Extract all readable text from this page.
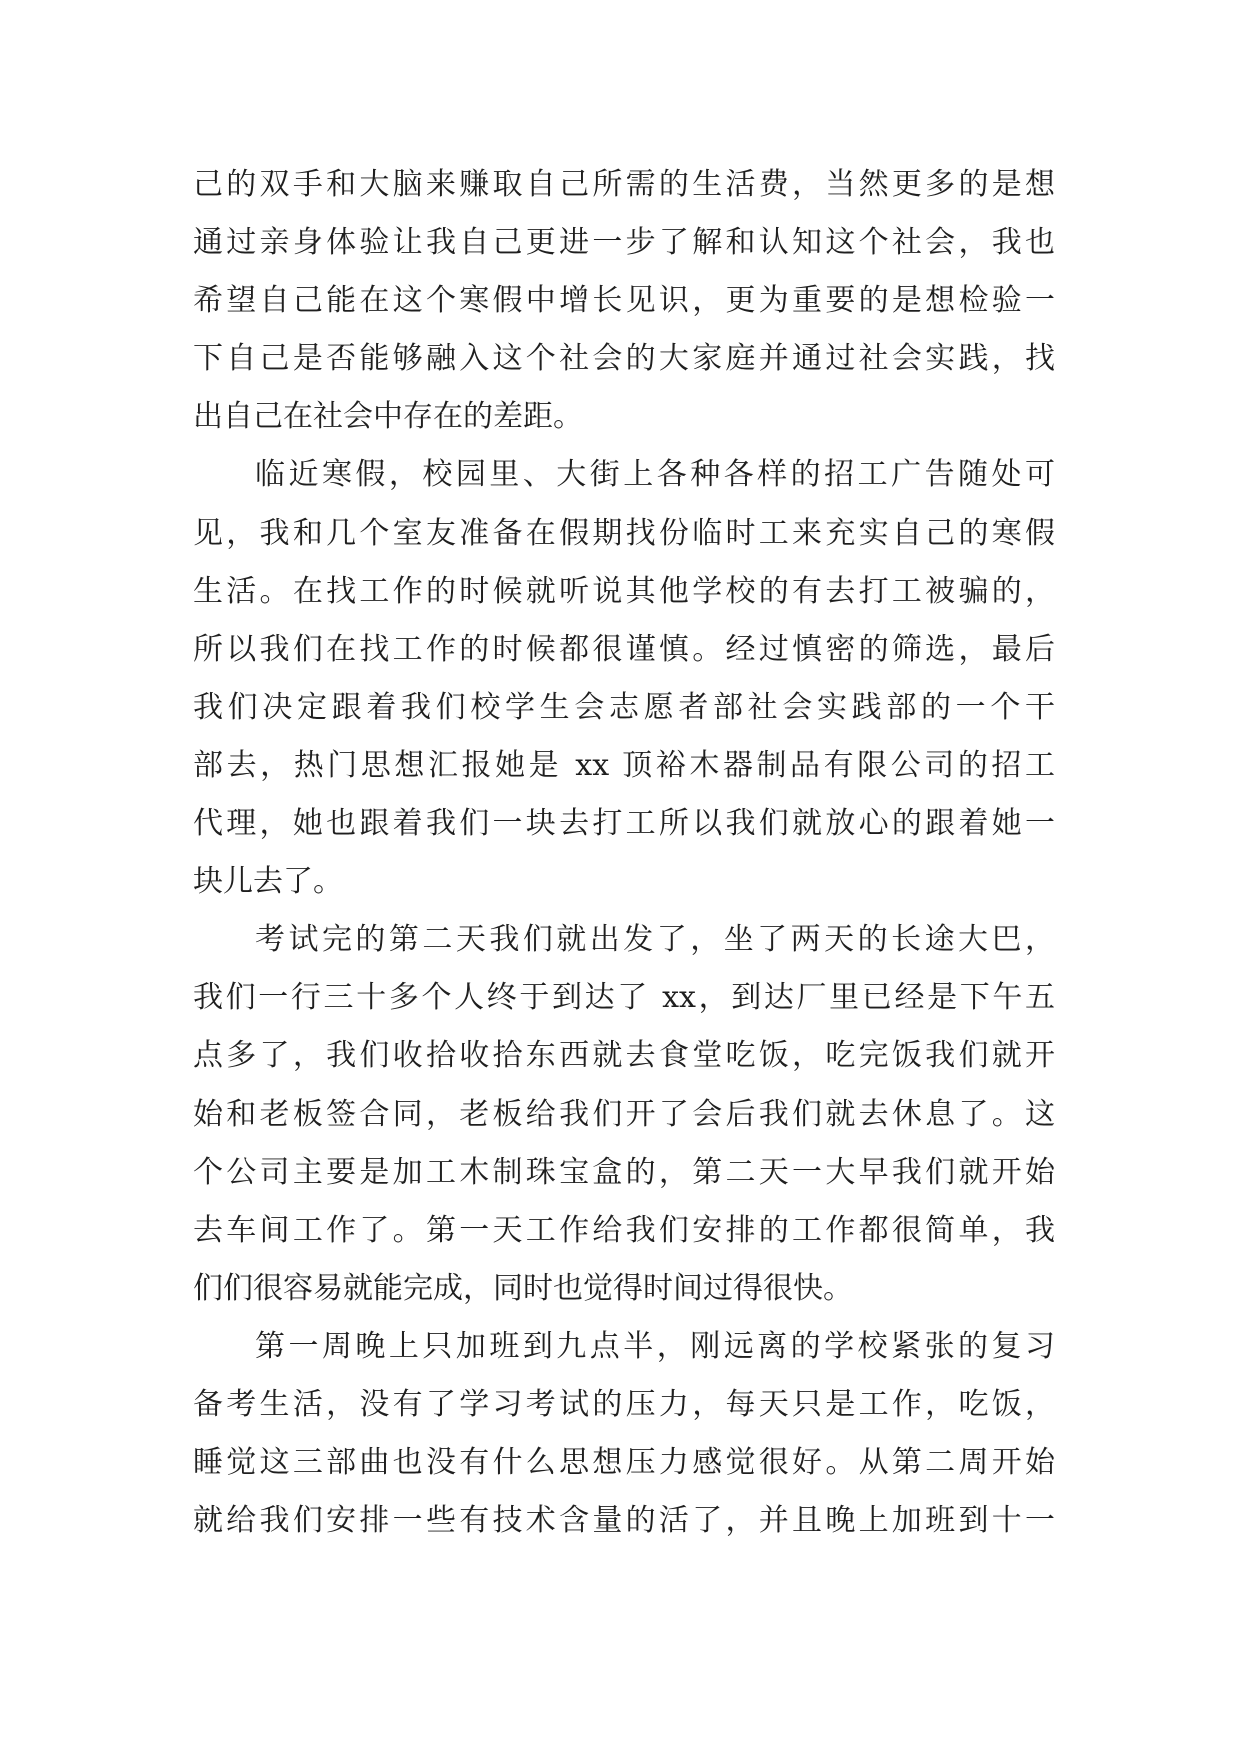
己的双手和大脑来赚取自己所需的生活费，当然更多的是想
通过亲身体验让我自己更进一步了解和认知这个社会，我也
希望自己能在这个寒假中增长见识，更为重要的是想检验一
下自己是否能够融入这个社会的大家庭并通过社会实践，找
出自己在社会中存在的差距。
临近寒假，校园里、大街上各种各样的招工广告随处可
见，我和几个室友准备在假期找份临时工来充实自己的寒假
生活。在找工作的时候就听说其他学校的有去打工被骗的，
所以我们在找工作的时候都很谨慎。经过慎密的筛选，最后
我们决定跟着我们校学生会志愿者部社会实践部的一个干
部去，热门思想汇报她是 xx 顶裕木器制品有限公司的招工
代理，她也跟着我们一块去打工所以我们就放心的跟着她一
块儿去了。
考试完的第二天我们就出发了，坐了两天的长途大巴，
我们一行三十多个人终于到达了 xx，到达厂里已经是下午五
点多了，我们收拾收拾东西就去食堂吃饭，吃完饭我们就开
始和老板签合同，老板给我们开了会后我们就去休息了。这
个公司主要是加工木制珠宝盒的，第二天一大早我们就开始
去车间工作了。第一天工作给我们安排的工作都很简单，我
们们很容易就能完成，同时也觉得时间过得很快。
第一周晚上只加班到九点半，刚远离的学校紧张的复习
备考生活，没有了学习考试的压力，每天只是工作，吃饭，
睡觉这三部曲也没有什么思想压力感觉很好。从第二周开始
就给我们安排一些有技术含量的活了，并且晚上加班到十一
